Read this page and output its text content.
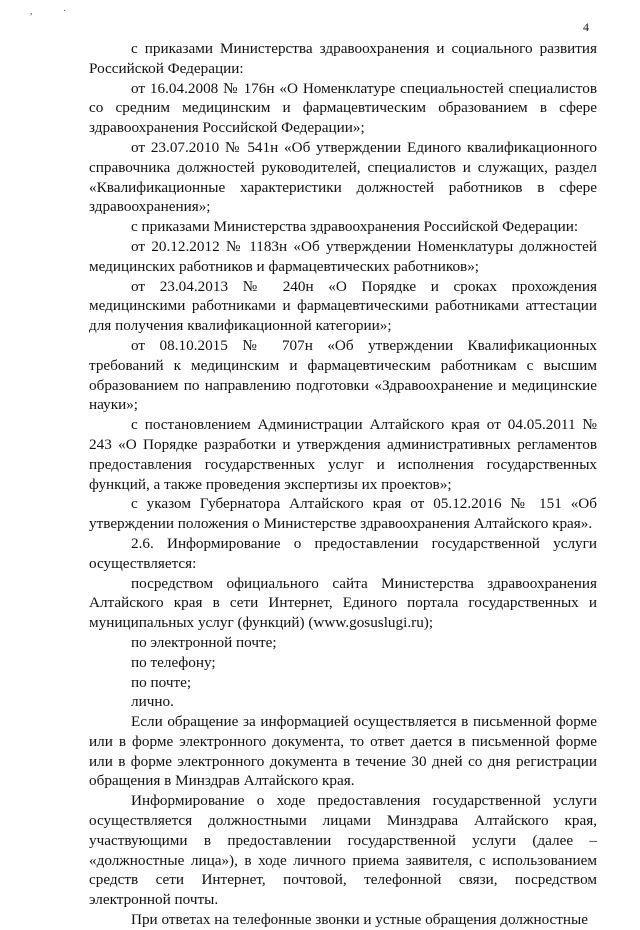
, ·
4

с приказами Министерства здравоохранения и социального развития Российской Федерации:

от 16.04.2008 № 176н «О Номенклатуре специальностей специалистов со средним медицинским и фармацевтическим образованием в сфере здравоохранения Российской Федерации»;

от 23.07.2010 № 541н «Об утверждении Единого квалификационного справочника должностей руководителей, специалистов и служащих, раздел «Квалификационные характеристики должностей работников в сфере здравоохранения»;

с приказами Министерства здравоохранения Российской Федерации:

от 20.12.2012 № 1183н «Об утверждении Номенклатуры должностей медицинских работников и фармацевтических работников»;

от 23.04.2013 № 240н «О Порядке и сроках прохождения медицинскими работниками и фармацевтическими работниками аттестации для получения квалификационной категории»;

от 08.10.2015 № 707н «Об утверждении Квалификационных требований к медицинским и фармацевтическим работникам с высшим образованием по направлению подготовки «Здравоохранение и медицинские науки»;

с постановлением Администрации Алтайского края от 04.05.2011 № 243 «О Порядке разработки и утверждения административных регламентов предоставления государственных услуг и исполнения государственных функций, а также проведения экспертизы их проектов»;

с указом Губернатора Алтайского края от 05.12.2016 № 151 «Об утверждении положения о Министерстве здравоохранения Алтайского края».

2.6. Информирование о предоставлении государственной услуги осуществляется:

посредством официального сайта Министерства здравоохранения Алтайского края в сети Интернет, Единого портала государственных и муниципальных услуг (функций) (www.gosuslugi.ru);

по электронной почте;

по телефону;

по почте;

лично.

Если обращение за информацией осуществляется в письменной форме или в форме электронного документа, то ответ дается в письменной форме или в форме электронного документа в течение 30 дней со дня регистрации обращения в Минздрав Алтайского края.

Информирование о ходе предоставления государственной услуги осуществляется должностными лицами Минздрава Алтайского края, участвующими в предоставлении государственной услуги (далее – «должностные лица»), в ходе личного приема заявителя, с использованием средств сети Интернет, почтовой, телефонной связи, посредством электронной почты.

При ответах на телефонные звонки и устные обращения должностные
